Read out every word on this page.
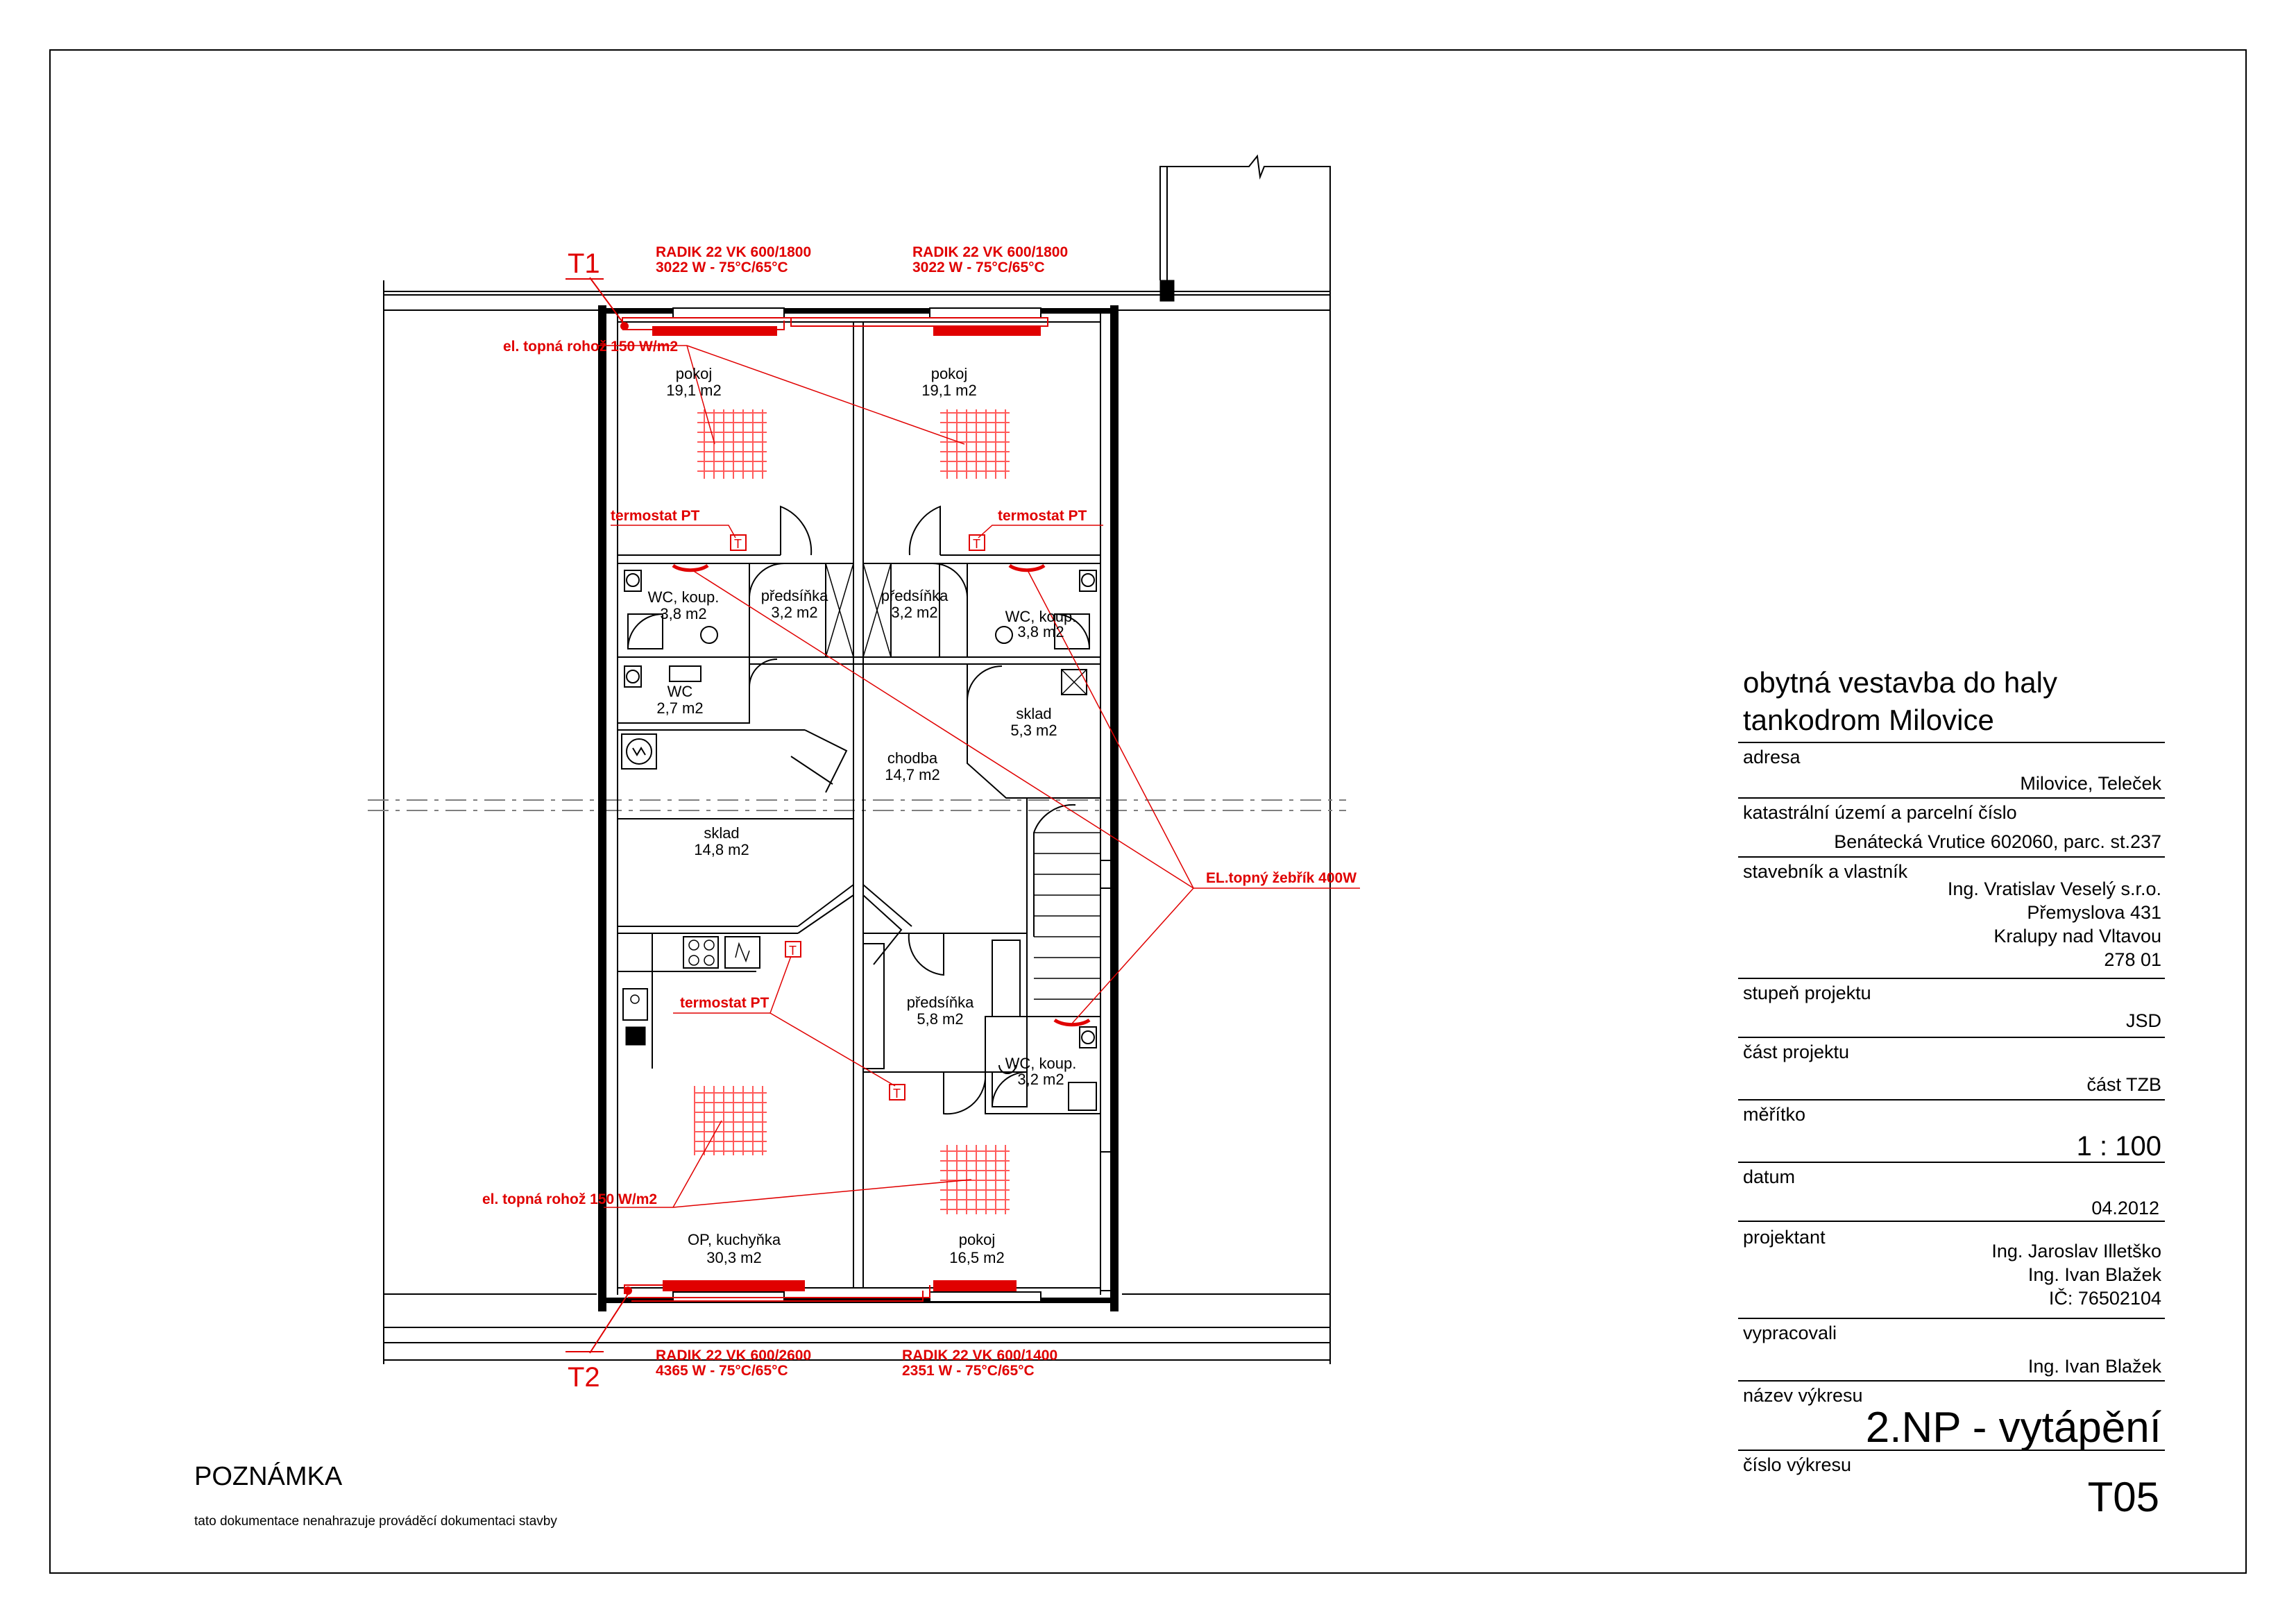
T1
T2
RADIK 22 VK 600/1800
3022 W - 75°C/65°C
RADIK 22 VK 600/1800
3022 W - 75°C/65°C
RADIK 22 VK 600/2600
4365 W - 75°C/65°C
RADIK 22 VK 600/1400
2351 W - 75°C/65°C
el. topná rohož 150 W/m2
el. topná rohož 150 W/m2
termostat PT	termostat PT
termostat PT
EL.topný žebřík 400W
T	T
T
T
pokoj
19,1 m2
pokoj
19,1 m2
WC, koup.
3,8 m2
předsíňka
3,2 m2
předsíňka
3,2 m2	WC, koup.
3,8 m2
WC
2,7 m2	sklad
5,3 m2
chodba
14,7 m2
sklad
14,8 m2
předsíňka
5,8 m2
WC, koup.
3,2 m2
OP, kuchyňka
30,3 m2
pokoj
16,5 m2
POZNÁMKA
tato dokumentace nenahrazuje prováděcí dokumentaci stavby
obytná vestavba do haly
tankodrom Milovice
adresa
Milovice, Teleček
katastrální území a parcelní číslo
Benátecká Vrutice 602060, parc. st.237
stavebník a vlastník
Ing. Vratislav Veselý s.r.o.
Přemyslova 431
Kralupy nad Vltavou
278 01
stupeň projektu
JSD
část projektu
část TZB
měřítko
1 : 100
datum
04.2012
projektant
Ing. Jaroslav Illetško
Ing. Ivan Blažek
IČ: 76502104
vypracovali
Ing. Ivan Blažek
název výkresu
2.NP - vytápění
číslo výkresu
T05
